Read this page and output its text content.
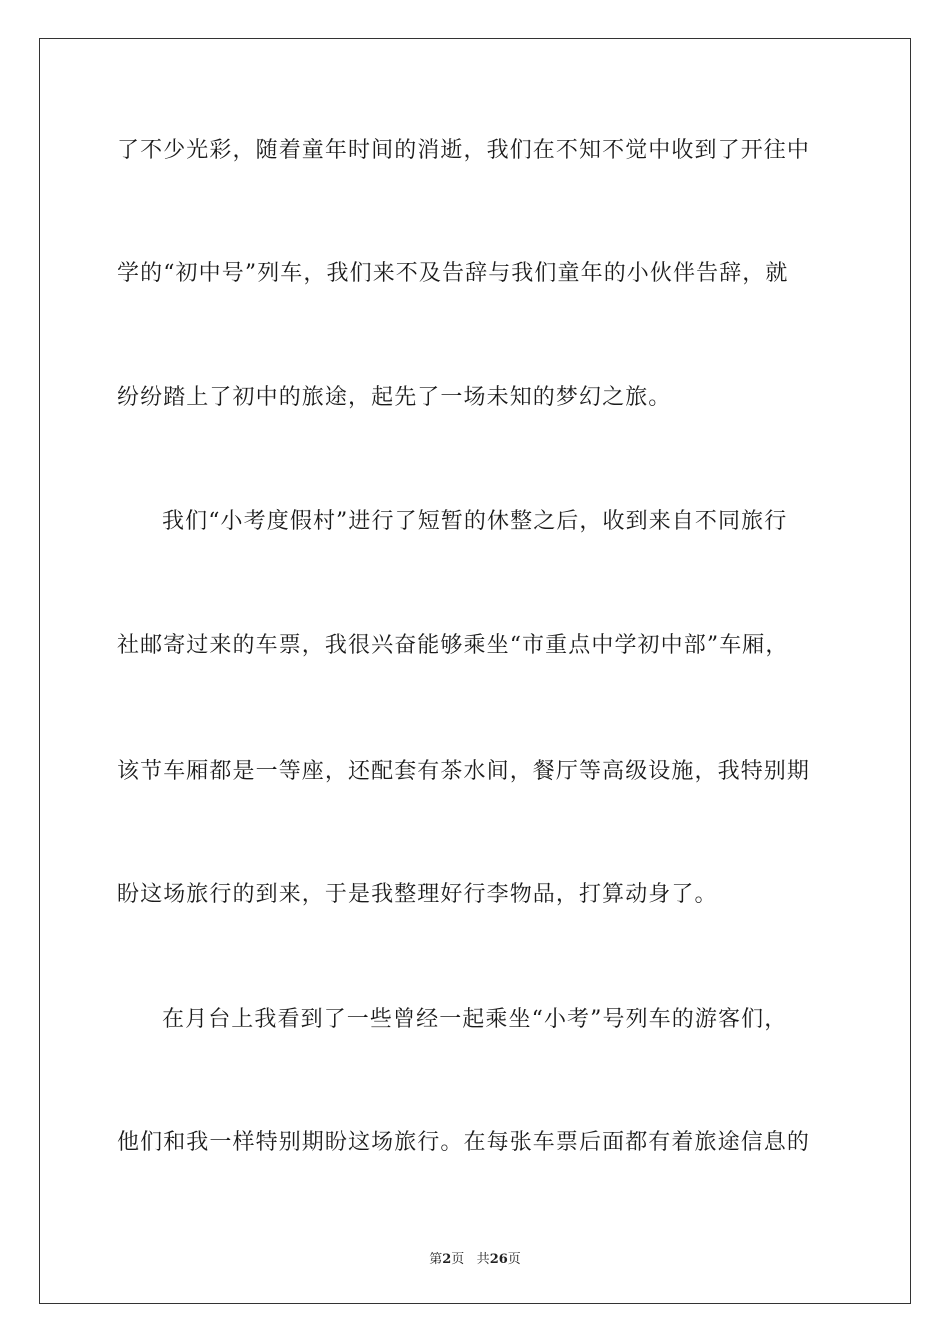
了不少光彩，随着童年时间的消逝，我们在不知不觉中收到了开往中
学的“初中号”列车，我们来不及告辞与我们童年的小伙伴告辞，就
纷纷踏上了初中的旅途，起先了一场未知的梦幻之旅。
我们“小考度假村”进行了短暂的休整之后，收到来自不同旅行
社邮寄过来的车票，我很兴奋能够乘坐“市重点中学初中部”车厢，
该节车厢都是一等座，还配套有茶水间，餐厅等高级设施，我特别期
盼这场旅行的到来，于是我整理好行李物品，打算动身了。
在月台上我看到了一些曾经一起乘坐“小考”号列车的游客们，
他们和我一样特别期盼这场旅行。在每张车票后面都有着旅途信息的
第2页 共26页
